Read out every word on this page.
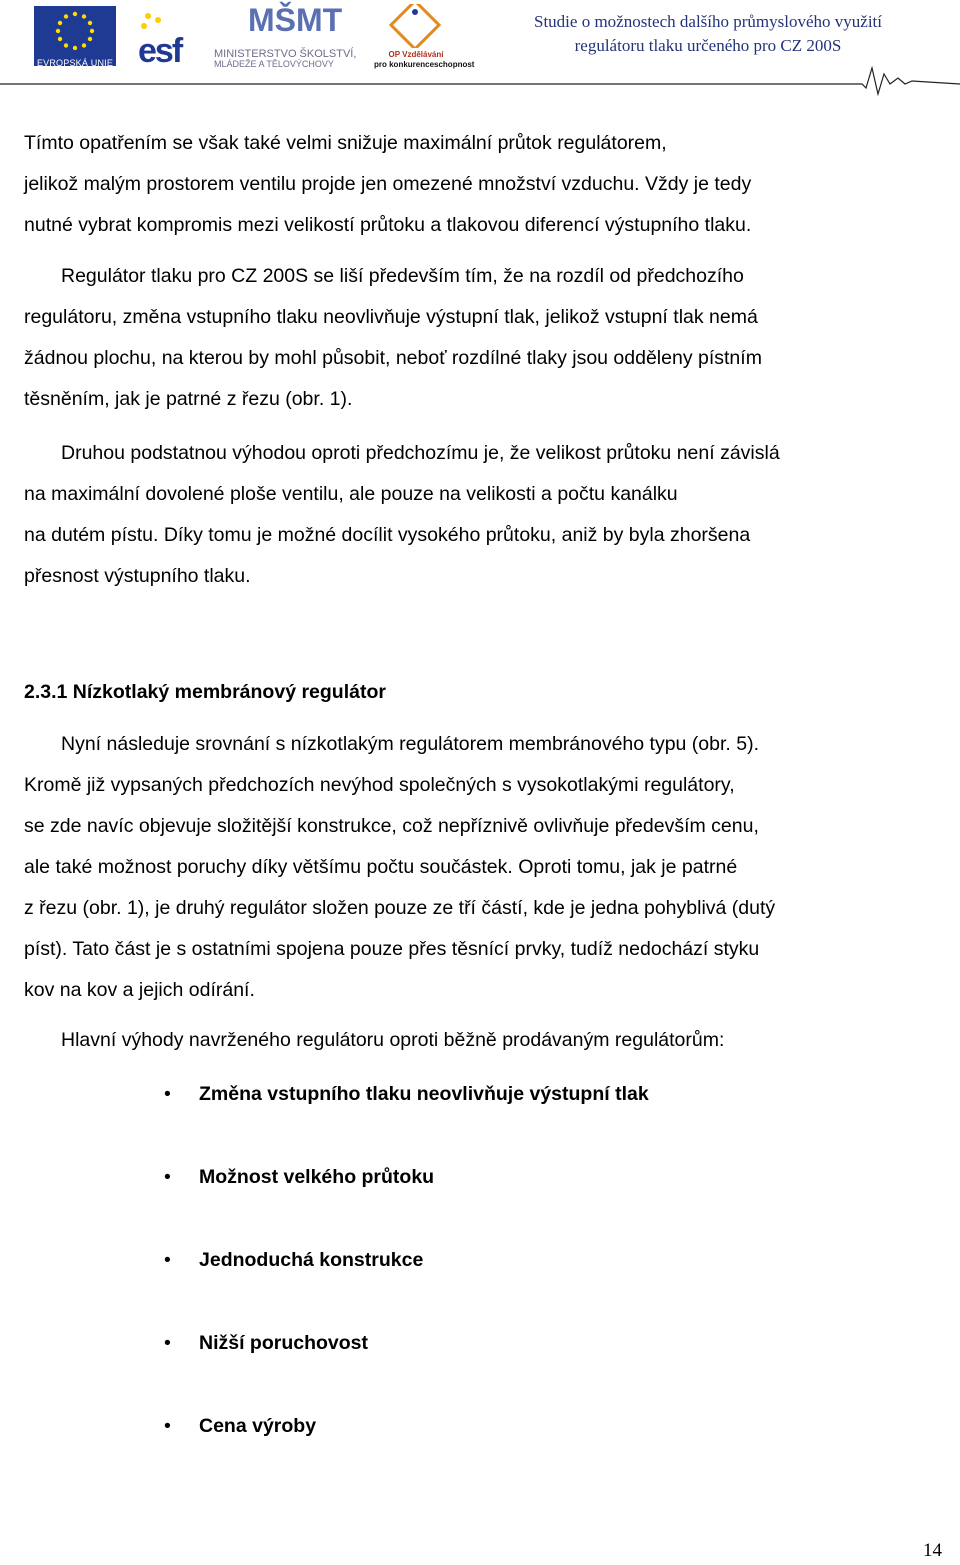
EVROPSKÁ UNIE esf
MŠMT
MINISTERSTVO ŠKOLSTVÍ,
MLÁDEŽE A TĚLOVÝCHOVY
OP Vzdělávání
pro konkurenceschopnost
Studie o možnostech dalšího průmyslového využití
regulátoru tlaku určeného pro CZ 200S

Tímto opatřením se však také velmi snižuje maximální průtok regulátorem,

jelikož malým prostorem ventilu projde jen omezené množství vzduchu. Vždy je tedy

nutné vybrat kompromis mezi velikostí průtoku a tlakovou diferencí výstupního tlaku.

Regulátor tlaku pro CZ 200S se liší především tím, že na rozdíl od předchozího

regulátoru, změna vstupního tlaku neovlivňuje výstupní tlak, jelikož vstupní tlak nemá

žádnou plochu, na kterou by mohl působit, neboť rozdílné tlaky jsou odděleny pístním

těsněním, jak je patrné z řezu (obr. 1).

Druhou podstatnou výhodou oproti předchozímu je, že velikost průtoku není závislá

na maximální dovolené ploše ventilu, ale pouze na velikosti a počtu kanálku

na dutém pístu. Díky tomu je možné docílit vysokého průtoku, aniž by byla zhoršena

přesnost výstupního tlaku.

2.3.1 Nízkotlaký membránový regulátor

Nyní následuje srovnání s nízkotlakým regulátorem membránového typu (obr. 5).

Kromě již vypsaných předchozích nevýhod společných s vysokotlakými regulátory,

se zde navíc objevuje složitější konstrukce, což nepříznivě ovlivňuje především cenu,

ale také možnost poruchy díky většímu počtu součástek. Oproti tomu, jak je patrné

z řezu (obr. 1), je druhý regulátor složen pouze ze tří částí, kde je jedna pohyblivá (dutý

píst). Tato část je s ostatními spojena pouze přes těsnící prvky, tudíž nedochází styku

kov na kov a jejich odírání.

Hlavní výhody navrženého regulátoru oproti běžně prodávaným regulátorům:

• Změna vstupního tlaku neovlivňuje výstupní tlak
• Možnost velkého průtoku
• Jednoduchá konstrukce
• Nižší poruchovost
• Cena výroby
14
